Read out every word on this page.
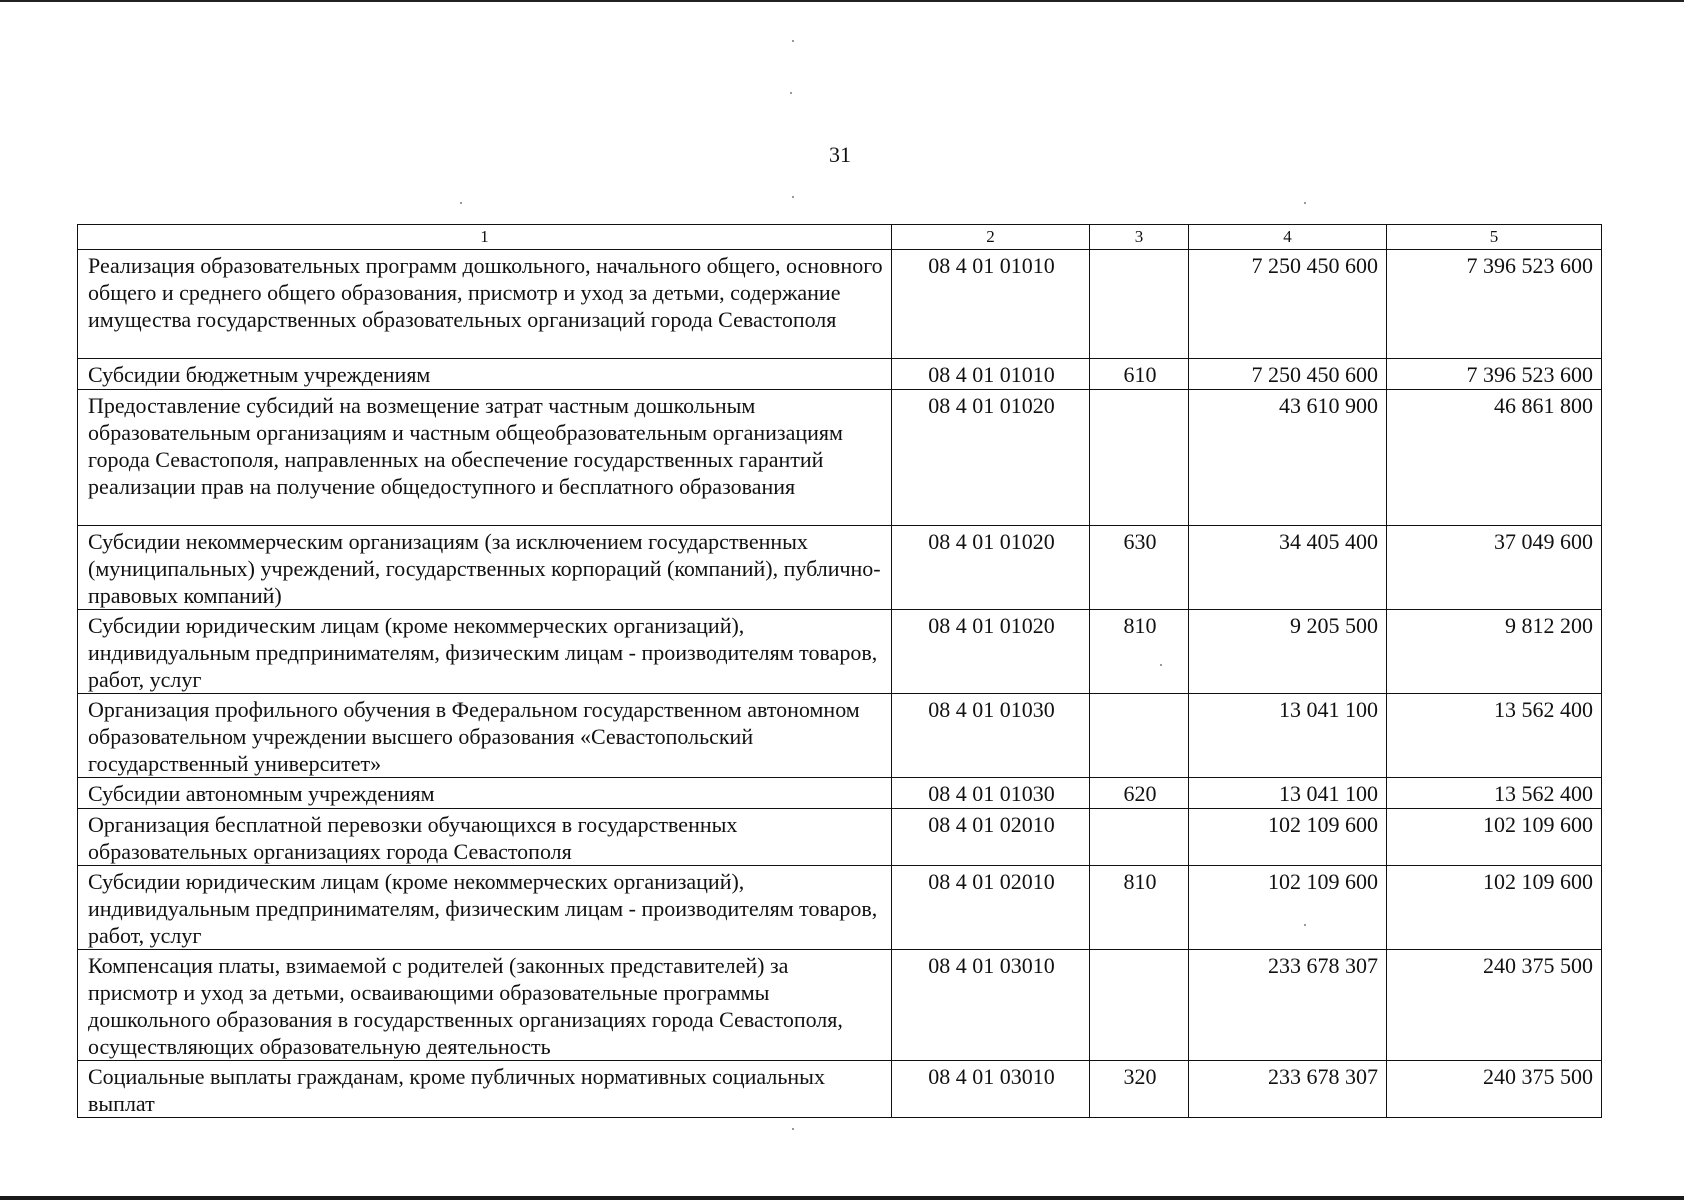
31
1	2	3	4	5
Реализация образовательных программ дошкольного, начального общего, основного общего и среднего общего образования, присмотр и уход за детьми, содержание имущества государственных образовательных организаций города Севастополя	08 4 01 01010		7 250 450 600	7 396 523 600
Субсидии бюджетным учреждениям	08 4 01 01010	610	7 250 450 600	7 396 523 600
Предоставление субсидий на возмещение затрат частным дошкольным образовательным организациям и частным общеобразовательным организациям города Севастополя, направленных на обеспечение государственных гарантий реализации прав на получение общедоступного и бесплатного образования	08 4 01 01020		43 610 900	46 861 800
Субсидии некоммерческим организациям (за исключением государственных (муниципальных) учреждений, государственных корпораций (компаний), публично-правовых компаний)	08 4 01 01020	630	34 405 400	37 049 600
Субсидии юридическим лицам (кроме некоммерческих организаций), индивидуальным предпринимателям, физическим лицам - производителям товаров, работ, услуг	08 4 01 01020	810	9 205 500	9 812 200
Организация профильного обучения в Федеральном государственном автономном образовательном учреждении высшего образования «Севастопольский государственный университет»	08 4 01 01030		13 041 100	13 562 400
Субсидии автономным учреждениям	08 4 01 01030	620	13 041 100	13 562 400
Организация бесплатной перевозки обучающихся в государственных образовательных организациях города Севастополя	08 4 01 02010		102 109 600	102 109 600
Субсидии юридическим лицам (кроме некоммерческих организаций), индивидуальным предпринимателям, физическим лицам - производителям товаров, работ, услуг	08 4 01 02010	810	102 109 600	102 109 600
Компенсация платы, взимаемой с родителей (законных представителей) за присмотр и уход за детьми, осваивающими образовательные программы дошкольного образования в государственных организациях города Севастополя, осуществляющих образовательную деятельность	08 4 01 03010		233 678 307	240 375 500
Социальные выплаты гражданам, кроме публичных нормативных социальных выплат	08 4 01 03010	320	233 678 307	240 375 500
